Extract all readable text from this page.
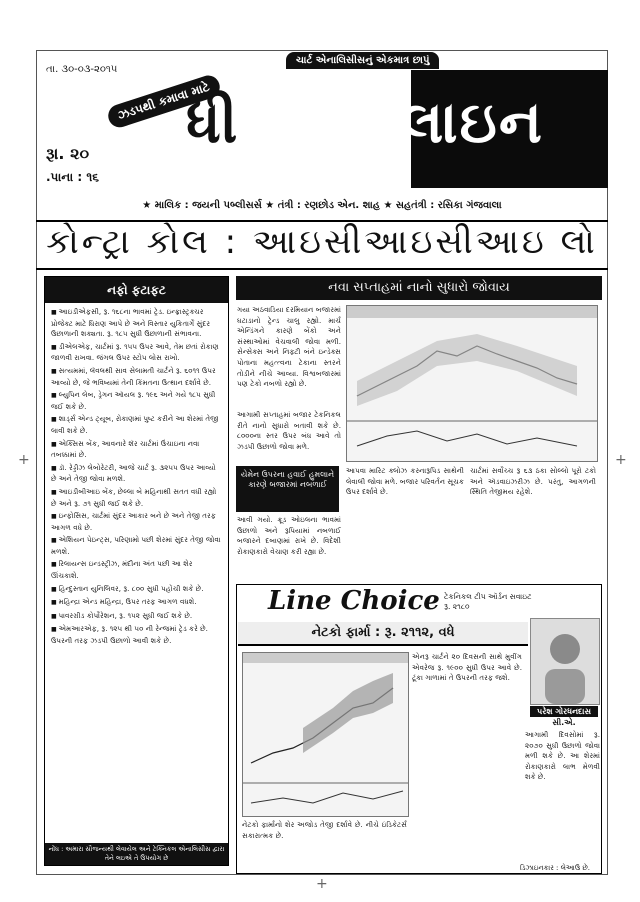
+	+
+
તા. ૩૦-૦૩-૨૦૧૫
ચાર્ટ એનાલિસીસનું એકમાત્ર છાપું
ઝડપથી કમાવા માટે
ધી ન્યુઝલાઇન
રૂા. ૨૦
.પાના : ૧૬
★ માલિક : જયની પબ્લીસર્સ ★ તંત્રી : રણછોડ એન. શાહ ★ સહતંત્રી : રસિકા ગંજવાલા
કોન્ટ્રા કોલ : આઇસીઆઇસીઆઇ લો
નફો ફટાફટ

■ આઇડીએફસી, રૂ. ૧૬૮ના ભાવમાં ટ્રેડ. ઇન્ફ્રાસ્ટ્રક્ચર પ્રોજેક્ટ માટે ધિરાણ આપે છે અને વિસ્તાર યુકિતાર્ગે સુંદર ઉછાળાની શક્યતા. રૂ. ૧૮૫ સુધી ઉછાળાની સંભાવના.

■ ડીએલએફ, ચાર્ટમાં રૂ. ૧૫૫ ઉપર આવે, તેમ છતાં રોકાણ જાળવી રાખવા. જંગલ ઉપર સ્ટોપ લોસ રાખો.

■ સત્યમમાં, લૅવલથી સાવ સેલામતી ચાર્ટને રૂ. ૬૦૧૧ ઉપર આવ્યો છે, જે ભવિષ્યમાં તેની કિંમતના ઉત્થાન દર્શાવે છે.

■ લ્યુપિન લેબ, ડ્રેગન ઑયલ રૂ. ૧૯૬ અને ગયે ૧૮૫ સુધી જઈ શકે છે.

■ શાર્ડ્સ એન્ડ ટ્યૂબ, રોકાણમાં પુષ્ટ કરીને આ શેરમાં તેજી લાવી શકે છે.

■ એક્સિસ બેંક, આવનારે શૅર ચાર્ટમાં ઉંચાઇના નવા તબક્કામાં છે.

■ ડૉ. રેડ્ડીઝ લેબોરેટરી, આજે ચાર્ટ રૂ. ૩૨૫૫ ઉપર આવ્યો છે અને તેજી જોવા મળશે.

■ આઇડીબીઆઇ બેંક, છેલ્લા બે મહિનાથી સતત વધી રહ્યો છે અને રૂ. ૭૧ સુધી જઈ શકે છે.

■ ઇન્ફોસિસ, ચાર્ટમાં સુંદર આકાર બને છે અને તેજી તરફ આગળ વધે છે.

■ એશિયન પેઇન્ટ્સ, પરિણામો પછી શેરમાં સુંદર તેજી જોવા મળશે.

■ રિલાયન્સ ઇન્ડસ્ટ્રીઝ, મંદીના અંત પછી આ શેર ઊંચકાશે.

■ હિન્દુસ્તાન યુનિલિવર, રૂ. ૮૦૦ સુધી પહોંચી શકે છે.

■ મહિન્દ્રા એન્ડ મહિન્દ્રા, ઉપર તરફ આગળ વધશે.

■ પાવરગ્રીડ કોર્પોરેશન, રૂ. ૧૫૨ સુધી જઈ શકે છે.

■ એમઆરએફ, રૂ. ૧૨૫ થી ૫૦ ની રેન્જમાં ટ્રેડ કરે છે. ઉપરની તરફ ઝડપી ઉછાળો આવી શકે છે.

નોંધ : અમારા સૌજન્યથી લેવાયેલ અને ટેક્નિકલ એનાલિસીસ દ્વારા તેને લઇએ તે ઉપયોગ છે
નવા સપ્તાહમાં નાનો સુધારો જોવાય
ગયા અઠવાડિયા દરમિયાન બજારમાં ઘટાડાનો ટ્રેન્ડ ચાલુ રહ્યો. માર્ચ એન્ડિંગને કારણે બેંકો અને સંસ્થાઓમાં વેચવાલી જોવા મળી. સેન્સેક્સ અને નિફ્ટી બંને ઇન્ડેક્સ પોતાના મહત્ત્વના ટેકાના સ્તરને તોડીને નીચે આવ્યા. વિશ્વબજારમાં પણ ટેકો નબળો રહ્યો છે.
આગામી સપ્તાહમાં બજાર ટેકનિકલ રીતે નાનો સુધારો બતાવી શકે છે. ૮૦૦૦ના સ્તર ઉપર બંધ આવે તો ઝડપી ઉછાળો જોવા મળે.
યેમેન ઉપરના હવાઈ હુમલાને કારણે બજારમાં નબળાઈ
આવી ગયો. ક્રૂડ ઓઇલના ભાવમાં ઉછાળો અને રૂપિયામાં નબળાઈ બજારને દબાણમાં રાખે છે. વિદેશી રોકાણકારો વેચાણ કરી રહ્યા છે.
આપવા મારિટ ક્લોઝ કરનારૂપિડ સાથેની લેવાલી જોવા મળે. બજાર પરિવર્તન સૂચક ઉપર દર્શાવે છે.
ચાર્ટમાં સર્વોચ્ચ રૂ ૬૩ ઠકા સોલ્લો પૂરો ટકો અને ઍડવાઇઝરીઝ છે. પરંતુ, આગળની સ્થિતિ તેજીમય રહેશે.
Line Choice ટેકનિકલ ટીપ ઑર્ડન સવાઇટ
રૂ. ૨૧૮૦
નેટકો ફાર્મા : રૂ. ૨૧૧૨, વધે
એનરૂ ચાર્ટને ૨૦ દિવસની સાથે મુવીંગ એવરેજ રૂ. ૧૯૦૦ સુધી ઉપર આવે છે. ટૂંકા ગાળામાં તે ઉપરની તરફ જશે.
પરેશ ગોરધનદાસ
સી.એ.
આગામી દિવસોમાં રૂ. ૨૦૭૦ સુધી ઉછાળો જોવા મળી શકે છે. આ શેરમાં રોકાણકારો લાભ મેળવી શકે છે.
નેટકો ફાર્માનો શેર અજોડ તેજી દર્શાવે છે. નીચે ઇંડિકેટર્સ સકારાત્મક છે.
ડિઝાઇનકાર : લેઆઉ છે.
